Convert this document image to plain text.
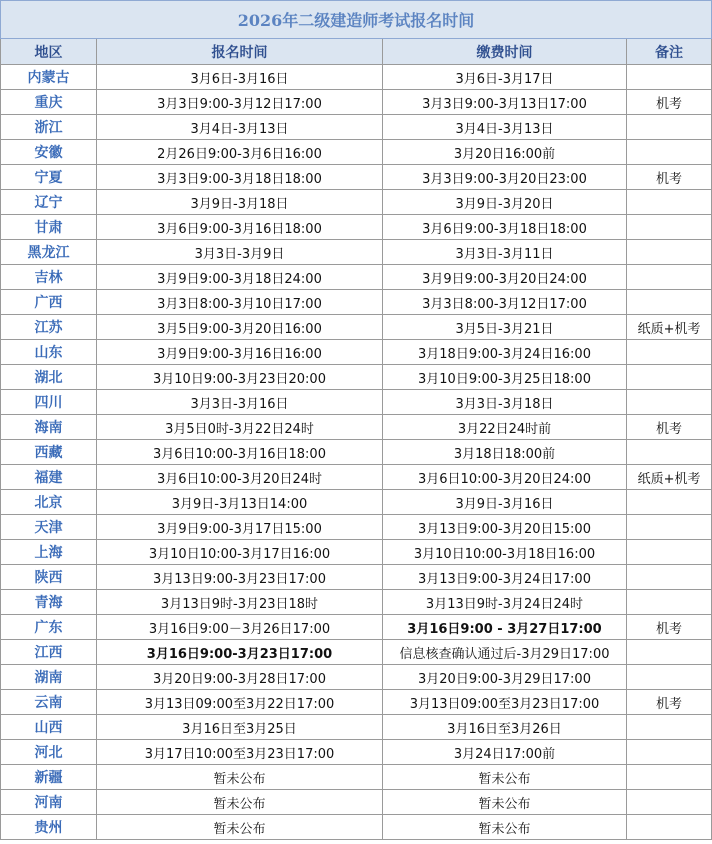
2026年二级建造师考试报名时间			
地区	报名时间	缴费时间	备注
内蒙古	3月6日-3月16日	3月6日-3月17日	
重庆	3月3日9:00-3月12日17:00	3月3日9:00-3月13日17:00	机考
浙江	3月4日-3月13日	3月4日-3月13日	
安徽	2月26日9:00-3月6日16:00	3月20日16:00前	
宁夏	3月3日9:00-3月18日18:00	3月3日9:00-3月20日23:00	机考
辽宁	3月9日-3月18日	3月9日-3月20日	
甘肃	3月6日9:00-3月16日18:00	3月6日9:00-3月18日18:00	
黑龙江	3月3日-3月9日	3月3日-3月11日	
吉林	3月9日9:00-3月18日24:00	3月9日9:00-3月20日24:00	
广西	3月3日8:00-3月10日17:00	3月3日8:00-3月12日17:00	
江苏	3月5日9:00-3月20日16:00	3月5日-3月21日	纸质+机考
山东	3月9日9:00-3月16日16:00	3月18日9:00-3月24日16:00	
湖北	3月10日9:00-3月23日20:00	3月10日9:00-3月25日18:00	
四川	3月3日-3月16日	3月3日-3月18日	
海南	3月5日0时-3月22日24时	3月22日24时前	机考
西藏	3月6日10:00-3月16日18:00	3月18日18:00前	
福建	3月6日10:00-3月20日24时	3月6日10:00-3月20日24:00	纸质+机考
北京	3月9日-3月13日14:00	3月9日-3月16日	
天津	3月9日9:00-3月17日15:00	3月13日9:00-3月20日15:00	
上海	3月10日10:00-3月17日16:00	3月10日10:00-3月18日16:00	
陕西	3月13日9:00-3月23日17:00	3月13日9:00-3月24日17:00	
青海	3月13日9时-3月23日18时	3月13日9时-3月24日24时	
广东	3月16日9:00－3月26日17:00	3月16日9:00 - 3月27日17:00	机考
江西	3月16日9:00-3月23日17:00	信息核查确认通过后-3月29日17:00	
湖南	3月20日9:00-3月28日17:00	3月20日9:00-3月29日17:00	
云南	3月13日09:00至3月22日17:00	3月13日09:00至3月23日17:00	机考
山西	3月16日至3月25日	3月16日至3月26日	
河北	3月17日10:00至3月23日17:00	3月24日17:00前	
新疆	暂未公布	暂未公布	
河南	暂未公布	暂未公布	
贵州	暂未公布	暂未公布	
